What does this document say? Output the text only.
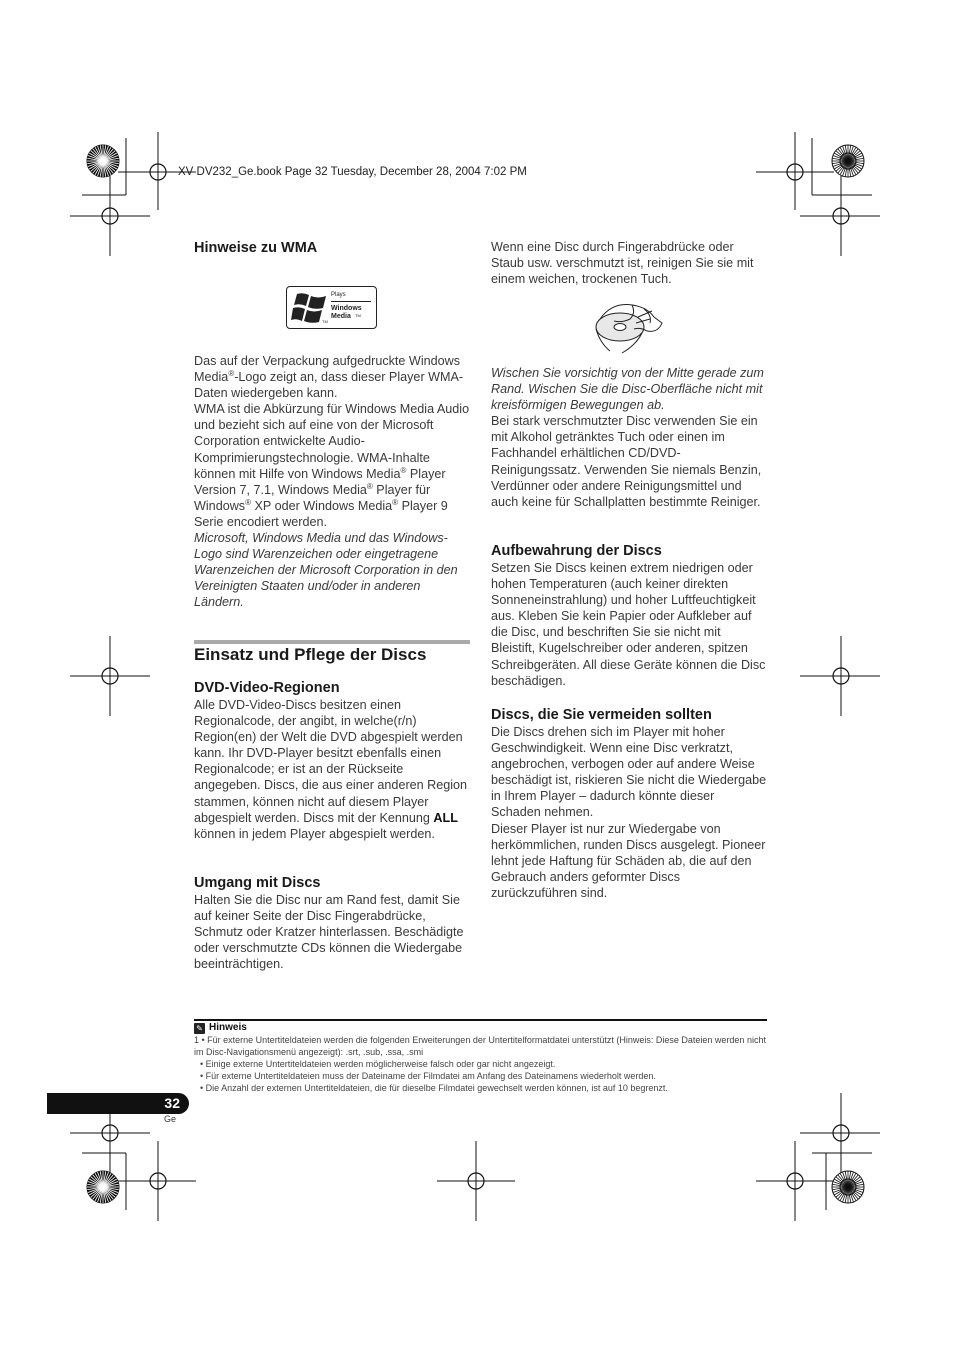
XV-DV232_Ge.book Page 32 Tuesday, December 28, 2004 7:02 PM

Hinweise zu WMA

Plays
Windows
Media TM
TM

Das auf der Verpackung aufgedruckte Windows Media®-Logo zeigt an, dass dieser Player WMA-Daten wiedergeben kann.

WMA ist die Abkürzung für Windows Media Audio und bezieht sich auf eine von der Microsoft Corporation entwickelte Audio-Komprimierungstechnologie. WMA-Inhalte können mit Hilfe von Windows Media® Player Version 7, 7.1, Windows Media® Player für Windows® XP oder Windows Media® Player 9 Serie encodiert werden.

Microsoft, Windows Media und das Windows-Logo sind Warenzeichen oder eingetragene Warenzeichen der Microsoft Corporation in den Vereinigten Staaten und/oder in anderen Ländern.

Einsatz und Pflege der Discs

DVD-Video-Regionen

Alle DVD-Video-Discs besitzen einen Regionalcode, der angibt, in welche(r/n) Region(en) der Welt die DVD abgespielt werden kann. Ihr DVD-Player besitzt ebenfalls einen Regionalcode; er ist an der Rückseite angegeben. Discs, die aus einer anderen Region stammen, können nicht auf diesem Player abgespielt werden. Discs mit der Kennung ALL können in jedem Player abgespielt werden.

Umgang mit Discs

Halten Sie die Disc nur am Rand fest, damit Sie auf keiner Seite der Disc Fingerabdrücke, Schmutz oder Kratzer hinterlassen. Beschädigte oder verschmutzte CDs können die Wiedergabe beeinträchtigen.

Wenn eine Disc durch Fingerabdrücke oder Staub usw. verschmutzt ist, reinigen Sie sie mit einem weichen, trockenen Tuch.

Wischen Sie vorsichtig von der Mitte gerade zum Rand. Wischen Sie die Disc-Oberfläche nicht mit kreisförmigen Bewegungen ab.

Bei stark verschmutzter Disc verwenden Sie ein mit Alkohol getränktes Tuch oder einen im Fachhandel erhältlichen CD/DVD-Reinigungssatz. Verwenden Sie niemals Benzin, Verdünner oder andere Reinigungsmittel und auch keine für Schallplatten bestimmte Reiniger.

Aufbewahrung der Discs

Setzen Sie Discs keinen extrem niedrigen oder hohen Temperaturen (auch keiner direkten Sonneneinstrahlung) und hoher Luftfeuchtigkeit aus. Kleben Sie kein Papier oder Aufkleber auf die Disc, und beschriften Sie sie nicht mit Bleistift, Kugelschreiber oder anderen, spitzen Schreibgeräten. All diese Geräte können die Disc beschädigen.

Discs, die Sie vermeiden sollten

Die Discs drehen sich im Player mit hoher Geschwindigkeit. Wenn eine Disc verkratzt, angebrochen, verbogen oder auf andere Weise beschädigt ist, riskieren Sie nicht die Wiedergabe in Ihrem Player – dadurch könnte dieser Schaden nehmen.

Dieser Player ist nur zur Wiedergabe von herkömmlichen, runden Discs ausgelegt. Pioneer lehnt jede Haftung für Schäden ab, die auf den Gebrauch anders geformter Discs zurückzuführen sind.

✎ Hinweis
1 • Für externe Untertiteldateien werden die folgenden Erweiterungen der Untertitelformatdatei unterstützt (Hinweis: Diese Dateien werden nicht im Disc-Navigationsmenü angezeigt): .srt, .sub, .ssa, .smi
• Einige externe Untertiteldateien werden möglicherweise falsch oder gar nicht angezeigt.
• Für externe Untertiteldateien muss der Dateiname der Filmdatei am Anfang des Dateinamens wiederholt werden.
• Die Anzahl der externen Untertiteldateien, die für dieselbe Filmdatei gewechselt werden können, ist auf 10 begrenzt.
32
Ge
